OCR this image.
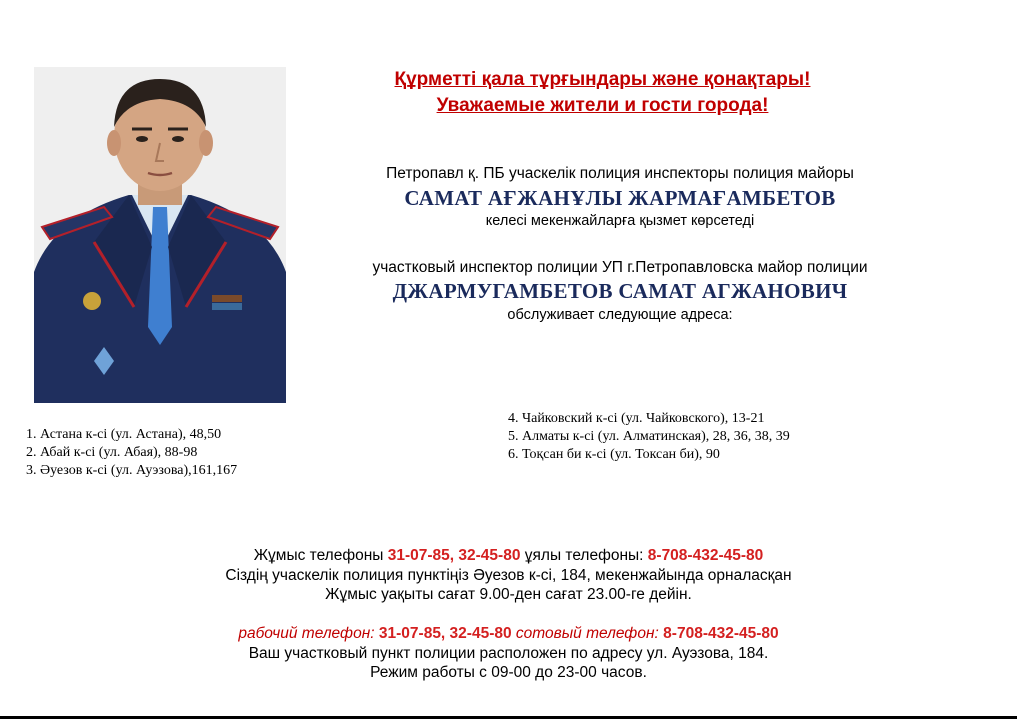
Құрметті қала тұрғындары және қонақтары!
Уважаемые жители и гости города!
Петропавл қ. ПБ учаскелік полиция инспекторы полиция майоры
САМАТ АҒЖАНҰЛЫ ЖАРМАҒАМБЕТОВ
келесі мекенжайларға қызмет көрсетеді
участковый инспектор полиции УП г.Петропавловска майор полиции
ДЖАРМУГАМБЕТОВ САМАТ АГЖАНОВИЧ
обслуживает следующие адреса:
1. Астана к-сі (ул. Астана), 48,50
2. Абай к-сі (ул. Абая), 88-98
3. Әуезов к-сі (ул. Ауэзова),161,167
4. Чайковский к-сі (ул. Чайковского), 13-21
5. Алматы к-сі (ул. Алматинская), 28, 36, 38, 39
6. Тоқсан би к-сі (ул. Токсан би), 90
Жұмыс телефоны 31-07-85, 32-45-80 ұялы телефоны: 8-708-432-45-80
Сіздің учаскелік полиция пунктіңіз Әуезов к-сі, 184, мекенжайында орналасқан
Жұмыс уақыты сағат 9.00-ден сағат 23.00-ге дейін.
рабочий телефон: 31-07-85, 32-45-80 сотовый телефон: 8-708-432-45-80
Ваш участковый пункт полиции расположен по адресу ул. Ауэзова, 184.
Режим работы с 09-00 до 23-00 часов.
